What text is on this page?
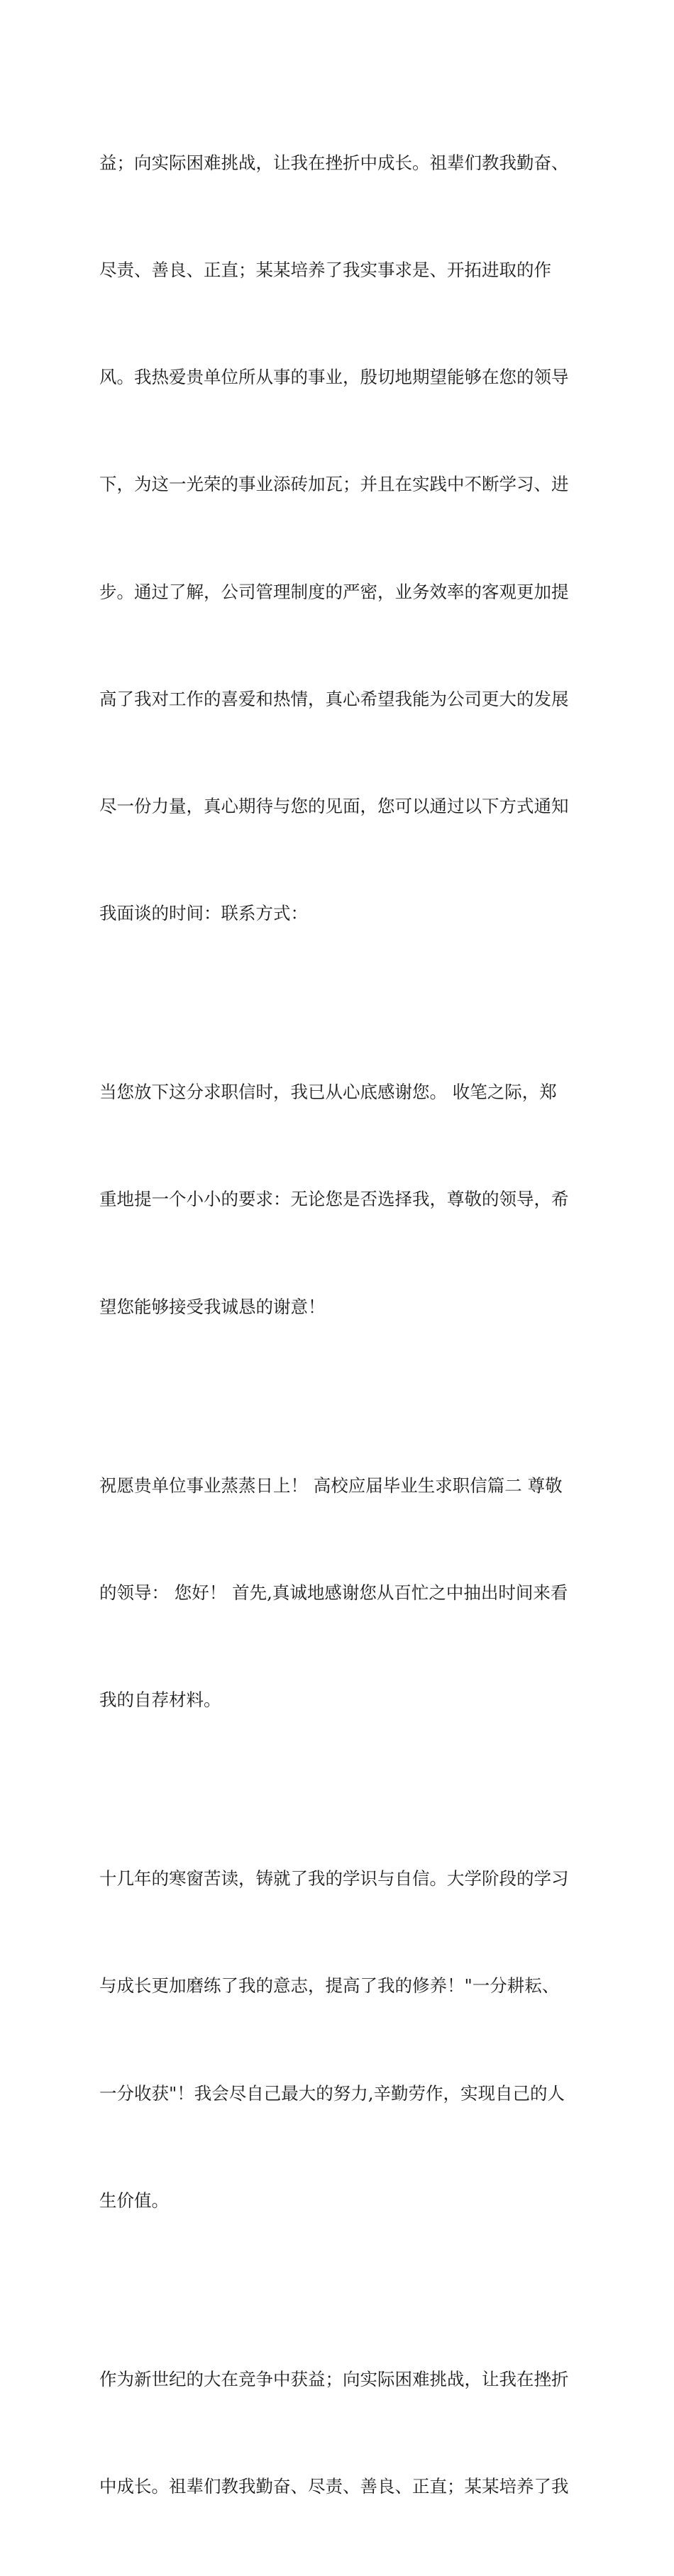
益；向实际困难挑战，让我在挫折中成长。祖辈们教我勤奋、

尽责、善良、正直；某某培养了我实事求是、开拓进取的作

风。我热爱贵单位所从事的事业，殷切地期望能够在您的领导

下，为这一光荣的事业添砖加瓦；并且在实践中不断学习、进

步。通过了解，公司管理制度的严密，业务效率的客观更加提

高了我对工作的喜爱和热情，真心希望我能为公司更大的发展

尽一份力量，真心期待与您的见面，您可以通过以下方式通知

我面谈的时间：联系方式：

当您放下这分求职信时，我已从心底感谢您。 收笔之际，郑

重地提一个小小的要求：无论您是否选择我，尊敬的领导，希

望您能够接受我诚恳的谢意！

祝愿贵单位事业蒸蒸日上！ 高校应届毕业生求职信篇二 尊敬

的领导： 您好！ 首先,真诚地感谢您从百忙之中抽出时间来看

我的自荐材料。

十几年的寒窗苦读，铸就了我的学识与自信。大学阶段的学习

与成长更加磨练了我的意志，提高了我的修养！"一分耕耘、

一分收获"！我会尽自己最大的努力,辛勤劳作，实现自己的人

生价值。

作为新世纪的大在竞争中获益；向实际困难挑战，让我在挫折

中成长。祖辈们教我勤奋、尽责、善良、正直；某某培养了我
